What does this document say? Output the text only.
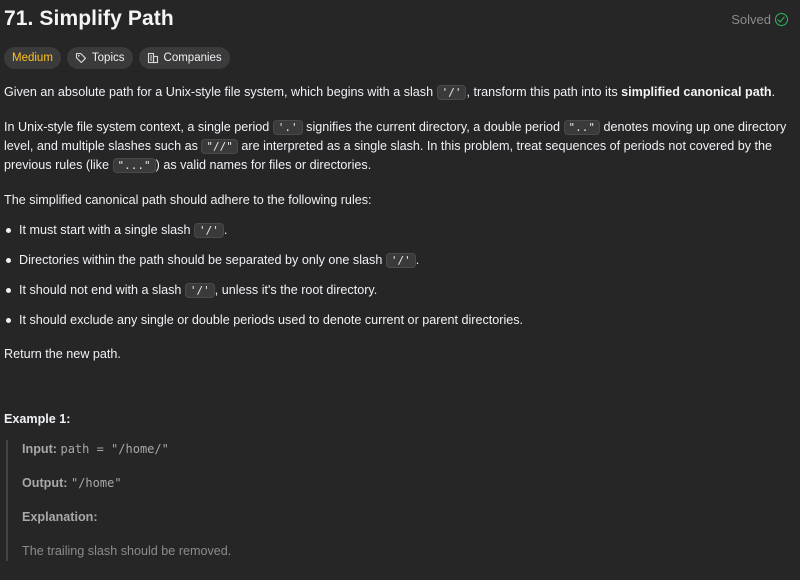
71. Simplify Path	Solved
Medium	Topics	Companies

Given an absolute path for a Unix-style file system, which begins with a slash '/' , transform this path into its simplified canonical path.

In Unix-style file system context, a single period '.' signifies the current directory, a double period ".." denotes moving up one directory level, and multiple slashes such as "//" are interpreted as a single slash. In this problem, treat sequences of periods not covered by the previous rules (like "..." ) as valid names for files or directories.

The simplified canonical path should adhere to the following rules:

It must start with a single slash '/' .
Directories within the path should be separated by only one slash '/' .
It should not end with a slash '/' , unless it's the root directory.
It should exclude any single or double periods used to denote current or parent directories.

Return the new path.

Example 1:
Input: path = "/home/"
Output: "/home"
Explanation:
The trailing slash should be removed.
